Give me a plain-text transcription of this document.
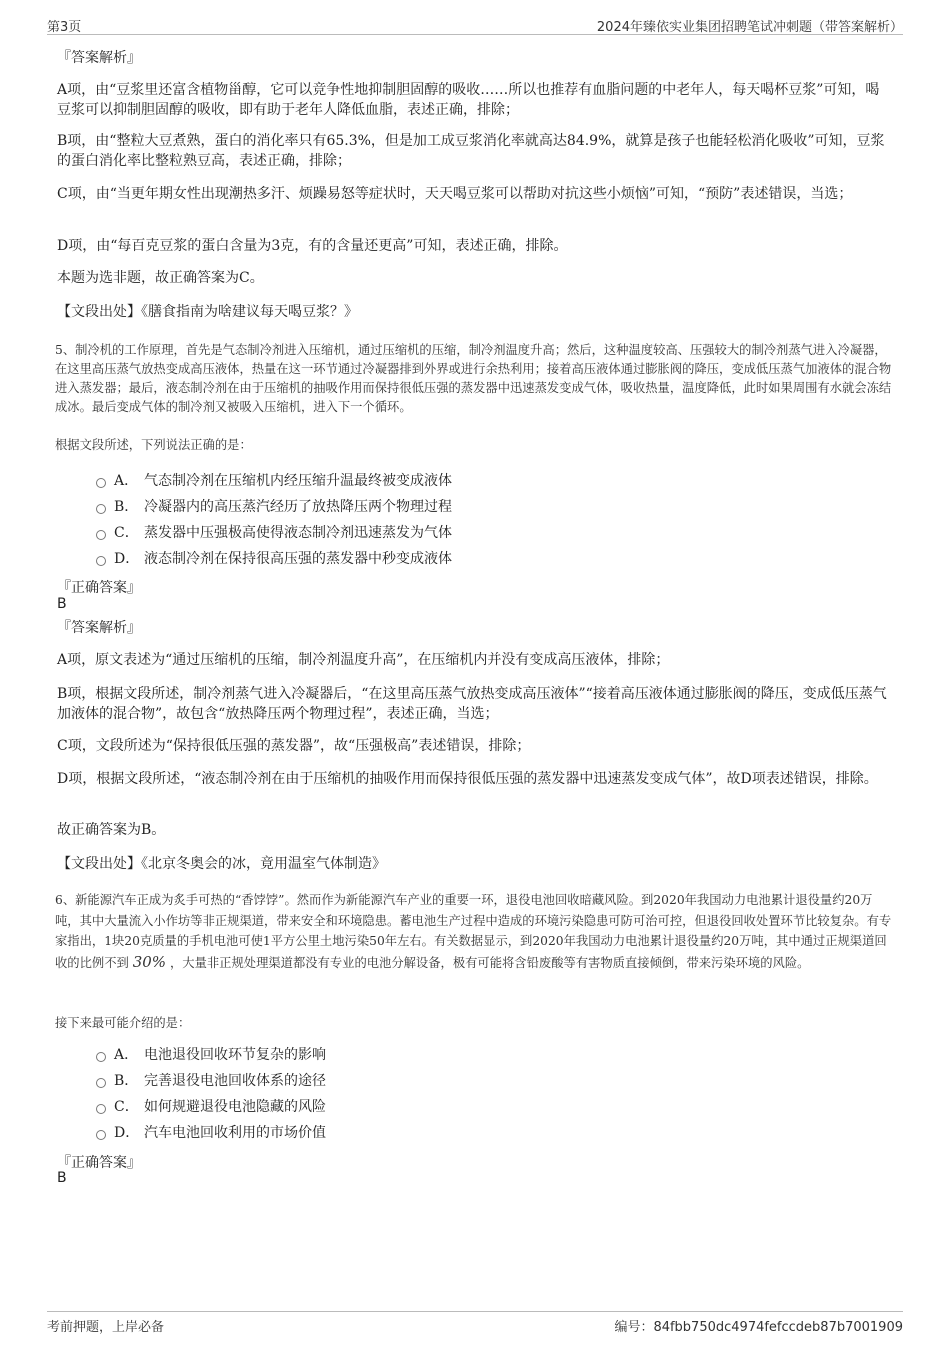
第3页	2024年臻依实业集团招聘笔试冲刺题（带答案解析）
『答案解析』
A项，由“豆浆里还富含植物甾醇，它可以竞争性地抑制胆固醇的吸收……所以也推荐有血脂问题的中老年人，每天喝杯豆浆”可知，喝豆浆可以抑制胆固醇的吸收，即有助于老年人降低血脂，表述正确，排除；
B项，由“整粒大豆煮熟，蛋白的消化率只有65.3%，但是加工成豆浆消化率就高达84.9%，就算是孩子也能轻松消化吸收”可知，豆浆的蛋白消化率比整粒熟豆高，表述正确，排除；
C项，由“当更年期女性出现潮热多汗、烦躁易怒等症状时，天天喝豆浆可以帮助对抗这些小烦恼”可知，“预防”表述错误，当选；
D项，由“每百克豆浆的蛋白含量为3克，有的含量还更高”可知，表述正确，排除。
本题为选非题，故正确答案为C。
【文段出处】《膳食指南为啥建议每天喝豆浆？》
5、制冷机的工作原理，首先是气态制冷剂进入压缩机，通过压缩机的压缩，制冷剂温度升高；然后，这种温度较高、压强较大的制冷剂蒸气进入冷凝器，在这里高压蒸气放热变成高压液体，热量在这一环节通过冷凝器排到外界或进行余热利用；接着高压液体通过膨胀阀的降压，变成低压蒸气加液体的混合物进入蒸发器；最后，液态制冷剂在由于压缩机的抽吸作用而保持很低压强的蒸发器中迅速蒸发变成气体，吸收热量，温度降低，此时如果周围有水就会冻结成冰。最后变成气体的制冷剂又被吸入压缩机，进入下一个循环。
根据文段所述，下列说法正确的是：
A． 气态制冷剂在压缩机内经压缩升温最终被变成液体
B． 冷凝器内的高压蒸汽经历了放热降压两个物理过程
C． 蒸发器中压强极高使得液态制冷剂迅速蒸发为气体
D． 液态制冷剂在保持很高压强的蒸发器中秒变成液体
『正确答案』
B
『答案解析』
A项，原文表述为“通过压缩机的压缩，制冷剂温度升高”，在压缩机内并没有变成高压液体，排除；
B项，根据文段所述，制冷剂蒸气进入冷凝器后，“在这里高压蒸气放热变成高压液体”“接着高压液体通过膨胀阀的降压，变成低压蒸气加液体的混合物”，故包含“放热降压两个物理过程”，表述正确，当选；
C项，文段所述为“保持很低压强的蒸发器”，故“压强极高”表述错误，排除；
D项，根据文段所述，“液态制冷剂在由于压缩机的抽吸作用而保持很低压强的蒸发器中迅速蒸发变成气体”，故D项表述错误，排除。
故正确答案为B。
【文段出处】《北京冬奥会的冰，竟用温室气体制造》
6、新能源汽车正成为炙手可热的“香饽饽”。然而作为新能源汽车产业的重要一环，退役电池回收暗藏风险。到2020年我国动力电池累计退役量约20万吨，其中大量流入小作坊等非正规渠道，带来安全和环境隐患。蓄电池生产过程中造成的环境污染隐患可防可治可控，但退役回收处置环节比较复杂。有专家指出，1块20克质量的手机电池可使1平方公里土地污染50年左右。有关数据显示，到2020年我国动力电池累计退役量约20万吨，其中通过正规渠道回收的比例不到 30% ，大量非正规处理渠道都没有专业的电池分解设备，极有可能将含铅废酸等有害物质直接倾倒，带来污染环境的风险。
接下来最可能介绍的是：
A． 电池退役回收环节复杂的影响
B． 完善退役电池回收体系的途径
C． 如何规避退役电池隐藏的风险
D． 汽车电池回收利用的市场价值
『正确答案』
B
考前押题，上岸必备	编号：84fbb750dc4974fefccdeb87b7001909
